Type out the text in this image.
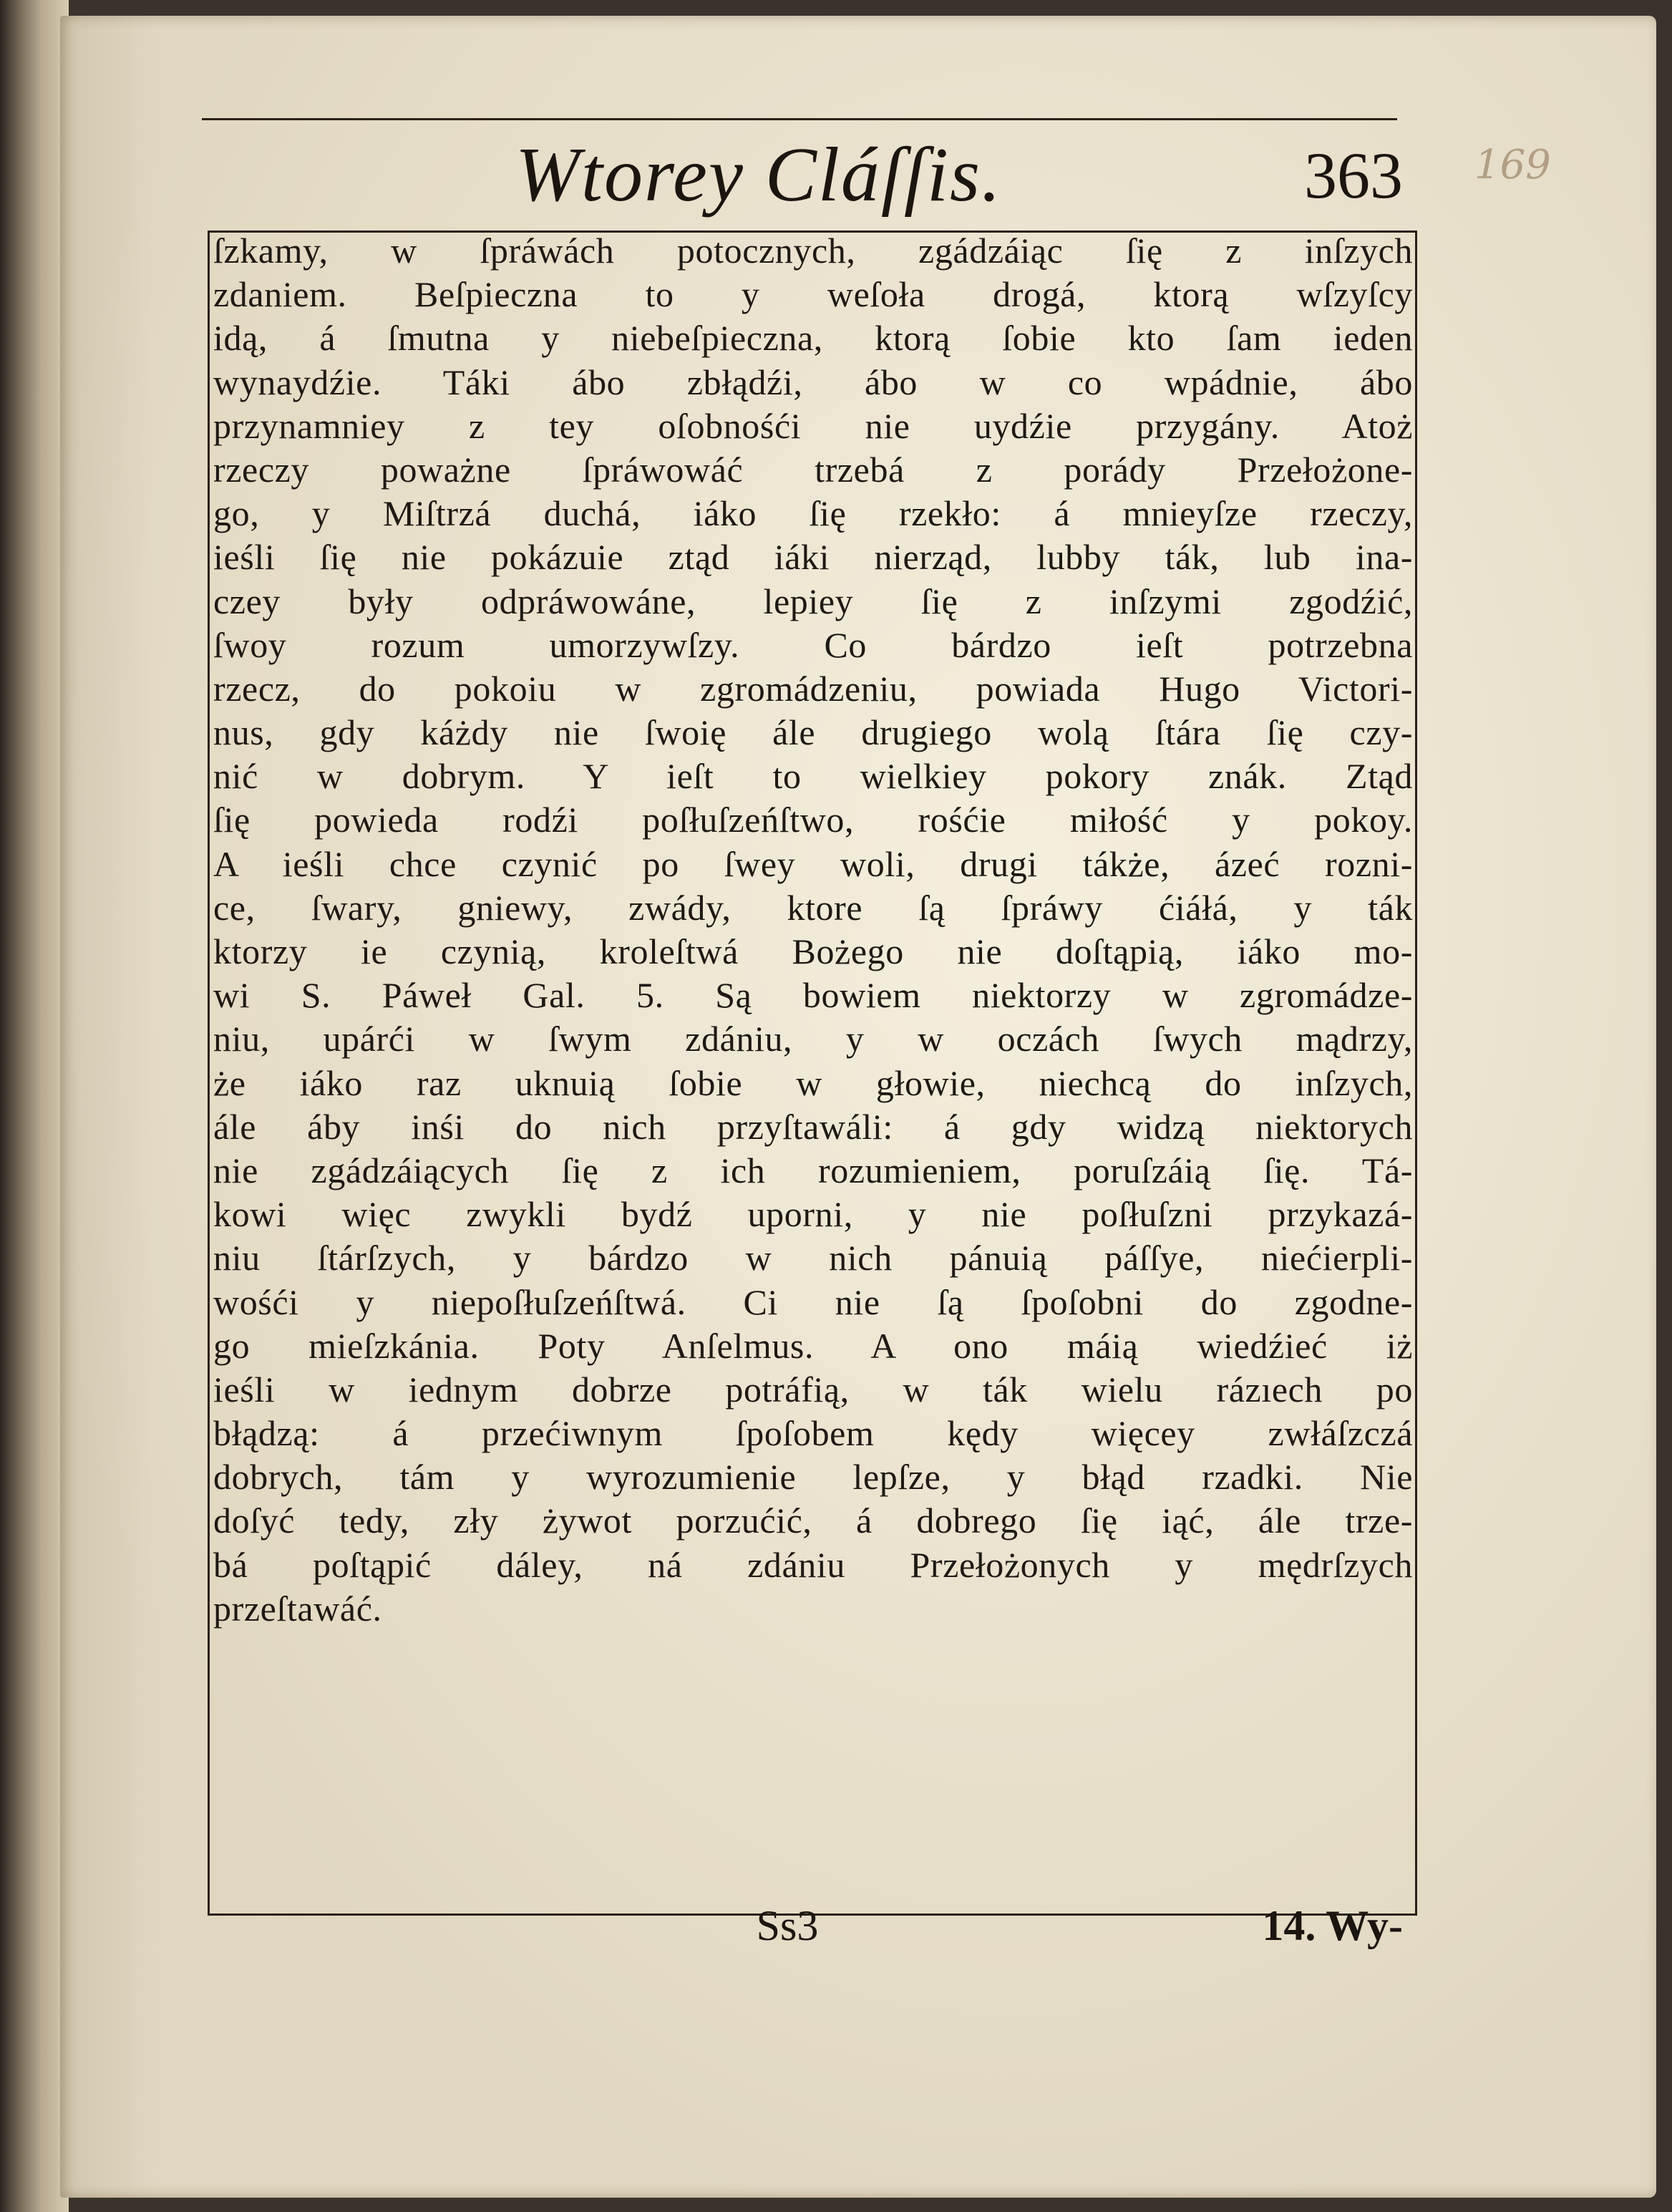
Wtorey Cláſſis.	363 169
ſzkamy, w ſpráwách potocznych, zgádzáiąc ſię z inſzych
zdaniem. Beſpieczna to y weſoła drogá, ktorą wſzyſcy
idą, á ſmutna y niebeſpieczna, ktorą ſobie kto ſam ieden
wynaydźie. Táki ábo zbłądźi, ábo w co wpádnie, ábo
przynamniey z tey oſobnośći nie uydźie przygány. Atoż
rzeczy poważne ſpráwowáć trzebá z porády Przełożone-
go, y Miſtrzá duchá, iáko ſię rzekło: á mnieyſze rzeczy,
ieśli ſię nie pokázuie ztąd iáki nierząd, lubby ták, lub ina-
czey były odpráwowáne, lepiey ſię z inſzymi zgodźić,
ſwoy rozum umorzywſzy. Co bárdzo ieſt potrzebna
rzecz, do pokoiu w zgromádzeniu, powiada Hugo Victori-
nus, gdy káżdy nie ſwoię ále drugiego wolą ſtára ſię czy-
nić w dobrym. Y ieſt to wielkiey pokory znák. Ztąd
ſię powieda rodźi poſłuſzeńſtwo, rośćie miłość y pokoy.
A ieśli chce czynić po ſwey woli, drugi tákże, ázeć rozni-
ce, ſwary, gniewy, zwády, ktore ſą ſpráwy ćiáłá, y ták
ktorzy ie czynią, kroleſtwá Bożego nie doſtąpią, iáko mo-
wi S. Páweł Gal. 5. Są bowiem niektorzy w zgromádze-
niu, upárći w ſwym zdániu, y w oczách ſwych mądrzy,
że iáko raz uknuią ſobie w głowie, niechcą do inſzych,
ále áby inśi do nich przyſtawáli: á gdy widzą niektorych
nie zgádzáiących ſię z ich rozumieniem, poruſzáią ſię. Tá-
kowi więc zwykli bydź uporni, y nie poſłuſzni przykazá-
niu ſtárſzych, y bárdzo w nich pánuią páſſye, niećierpli-
wośći y niepoſłuſzeńſtwá. Ci nie ſą ſpoſobni do zgodne-
go mieſzkánia. Poty Anſelmus. A ono máią wiedźieć iż
ieśli w iednym dobrze potráfią, w ták wielu rázıech po
błądzą: á przećiwnym ſpoſobem kędy więcey zwłáſzczá
dobrych, tám y wyrozumienie lepſze, y błąd rzadki. Nie
doſyć tedy, zły żywot porzućić, á dobrego ſię iąć, ále trze-
bá poſtąpić dáley, ná zdániu Przełożonych y mędrſzych
przeſtawáć.
Ss3	14. Wy-
